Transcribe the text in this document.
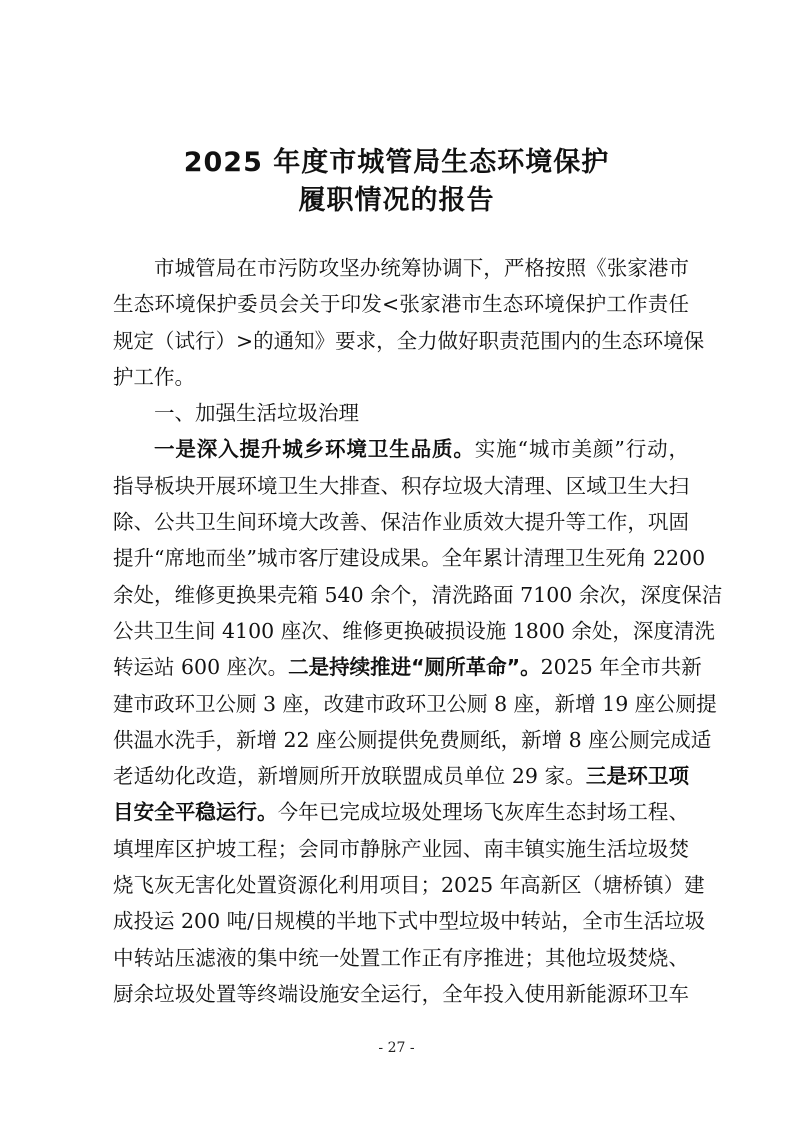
2025 年度市城管局生态环境保护
履职情况的报告
市城管局在市污防攻坚办统筹协调下，严格按照《张家港市
生态环境保护委员会关于印发<张家港市生态环境保护工作责任
规定（试行）>的通知》要求，全力做好职责范围内的生态环境保
护工作。
一、加强生活垃圾治理
一是深入提升城乡环境卫生品质。实施“城市美颜”行动，
指导板块开展环境卫生大排查、积存垃圾大清理、区域卫生大扫
除、公共卫生间环境大改善、保洁作业质效大提升等工作，巩固
提升“席地而坐”城市客厅建设成果。全年累计清理卫生死角 2200
余处，维修更换果壳箱 540 余个，清洗路面 7100 余次，深度保洁
公共卫生间 4100 座次、维修更换破损设施 1800 余处，深度清洗
转运站 600 座次。二是持续推进“厕所革命”。2025 年全市共新
建市政环卫公厕 3 座，改建市政环卫公厕 8 座，新增 19 座公厕提
供温水洗手，新增 22 座公厕提供免费厕纸，新增 8 座公厕完成适
老适幼化改造，新增厕所开放联盟成员单位 29 家。三是环卫项
目安全平稳运行。今年已完成垃圾处理场飞灰库生态封场工程、
填埋库区护坡工程；会同市静脉产业园、南丰镇实施生活垃圾焚
烧飞灰无害化处置资源化利用项目；2025 年高新区（塘桥镇）建
成投运 200 吨/日规模的半地下式中型垃圾中转站，全市生活垃圾
中转站压滤液的集中统一处置工作正有序推进；其他垃圾焚烧、
厨余垃圾处置等终端设施安全运行，全年投入使用新能源环卫车
- 27 -
